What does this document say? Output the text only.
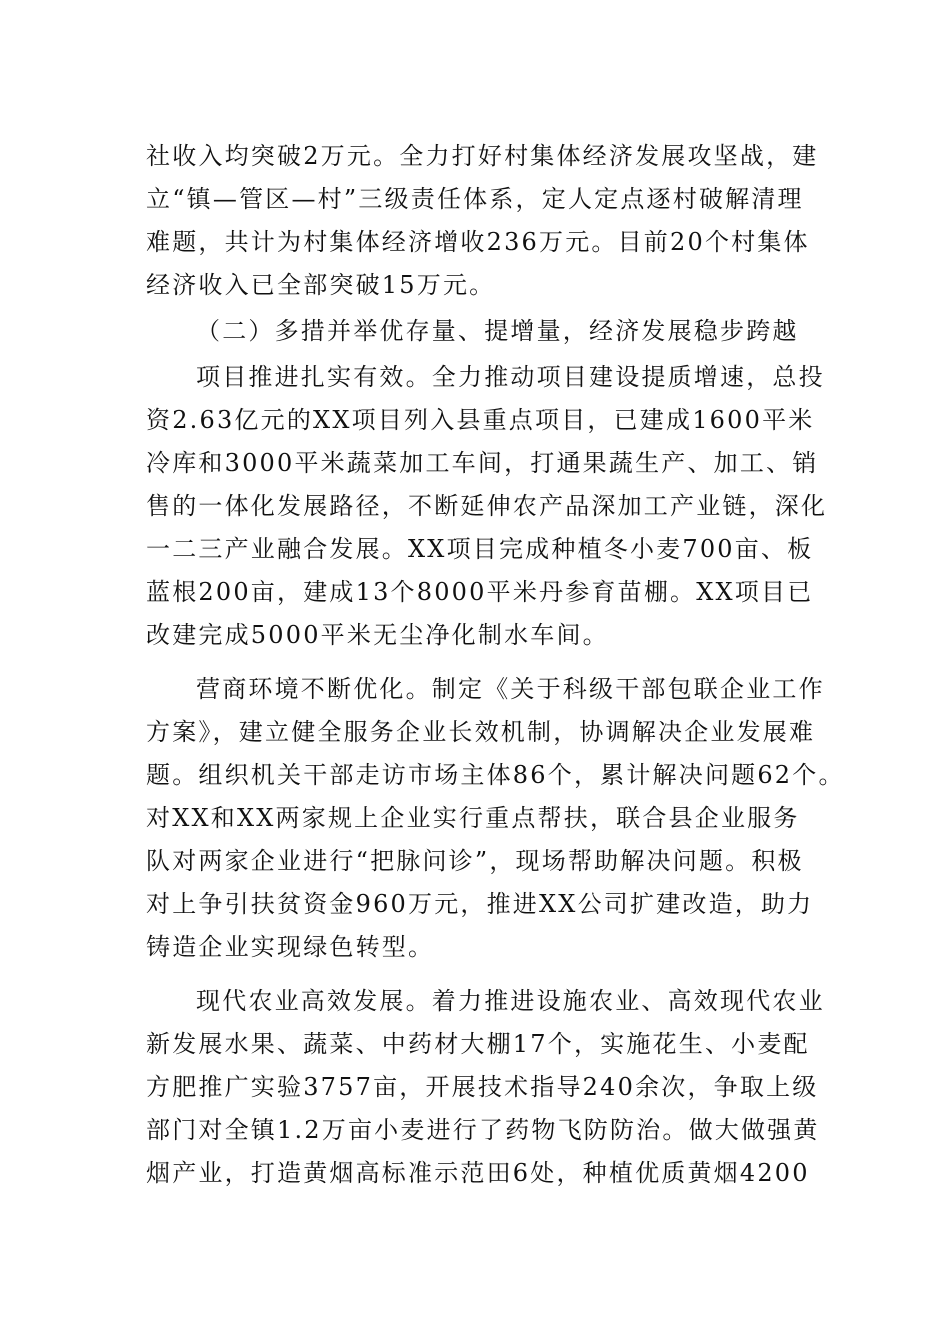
社收入均突破2万元。全力打好村集体经济发展攻坚战，建
立“镇—管区—村”三级责任体系，定人定点逐村破解清理
难题，共计为村集体经济增收236万元。目前20个村集体
经济收入已全部突破15万元。
（二）多措并举优存量、提增量，经济发展稳步跨越
项目推进扎实有效。全力推动项目建设提质增速，总投
资2.63亿元的XX项目列入县重点项目，已建成1600平米
冷库和3000平米蔬菜加工车间，打通果蔬生产、加工、销
售的一体化发展路径，不断延伸农产品深加工产业链，深化
一二三产业融合发展。XX项目完成种植冬小麦700亩、板
蓝根200亩，建成13个8000平米丹参育苗棚。XX项目已
改建完成5000平米无尘净化制水车间。
营商环境不断优化。制定《关于科级干部包联企业工作
方案》，建立健全服务企业长效机制，协调解决企业发展难
题。组织机关干部走访市场主体86个，累计解决问题62个。
对XX和XX两家规上企业实行重点帮扶，联合县企业服务
队对两家企业进行“把脉问诊”，现场帮助解决问题。积极
对上争引扶贫资金960万元，推进XX公司扩建改造，助力
铸造企业实现绿色转型。
现代农业高效发展。着力推进设施农业、高效现代农业
新发展水果、蔬菜、中药材大棚17个，实施花生、小麦配
方肥推广实验3757亩，开展技术指导240余次，争取上级
部门对全镇1.2万亩小麦进行了药物飞防防治。做大做强黄
烟产业，打造黄烟高标准示范田6处，种植优质黄烟4200
